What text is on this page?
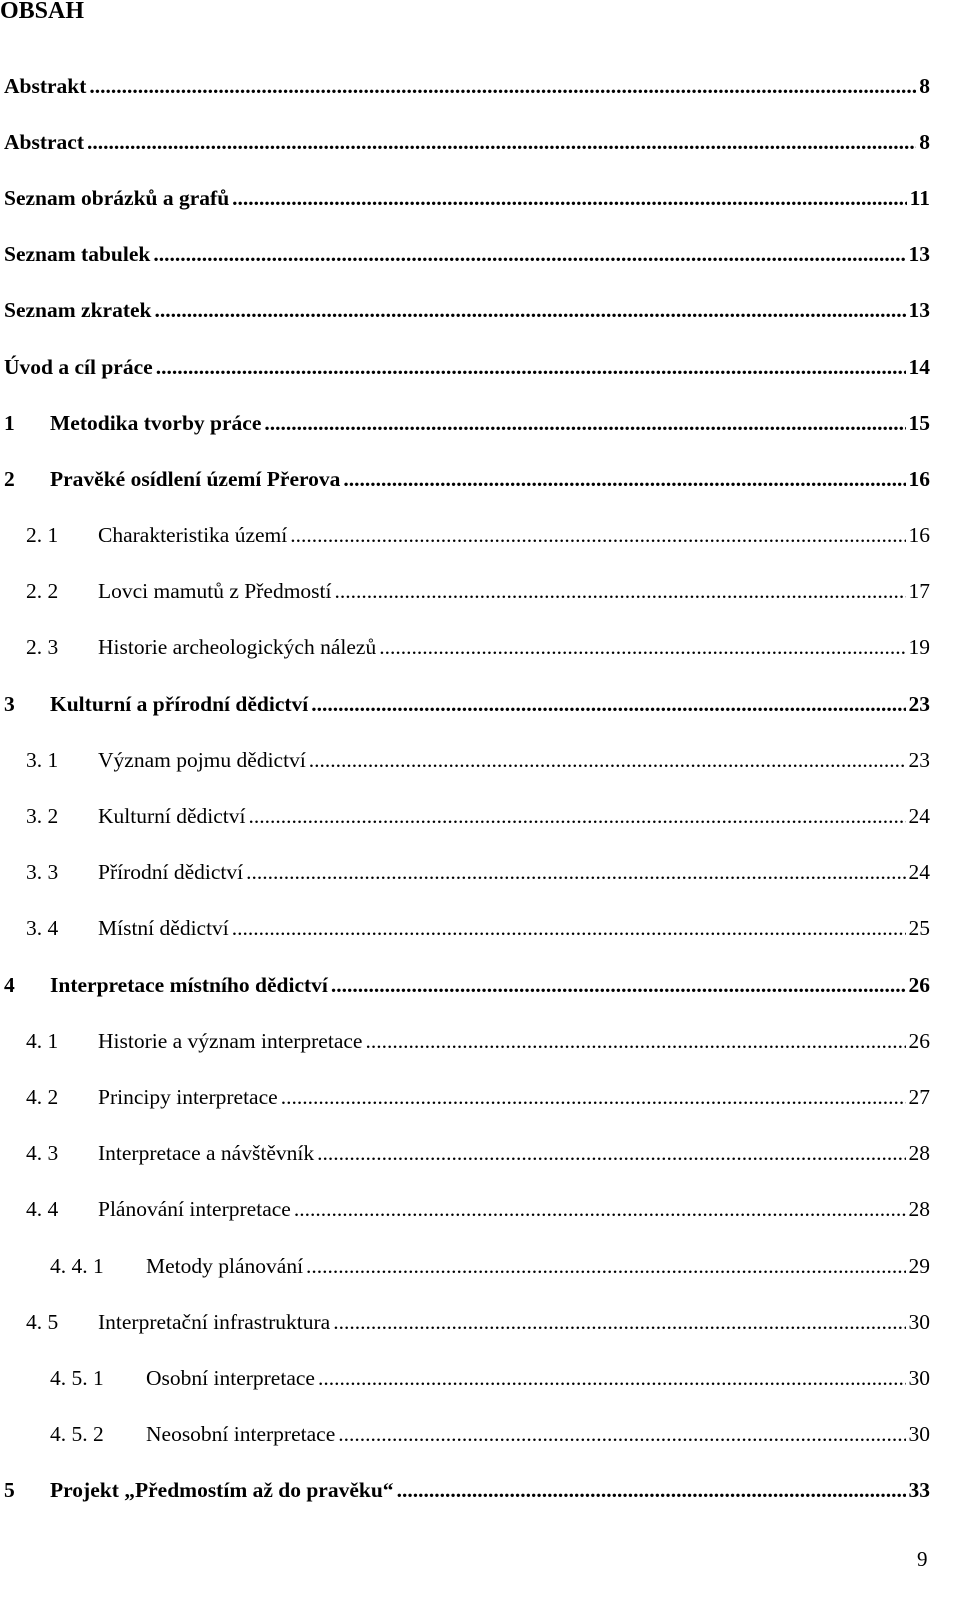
OBSAH
Abstrakt .....	8
Abstract .....	8
Seznam obrázků a grafů .....	11
Seznam tabulek .....	13
Seznam zkratek .....	13
Úvod a cíl práce .....	14
1	Metodika tvorby práce .....	15
2	Pravěké osídlení území Přerova .....	16
2. 1	Charakteristika území .....	16
2. 2	Lovci mamutů z Předmostí .....	17
2. 3	Historie archeologických nálezů .....	19
3	Kulturní a přírodní dědictví .....	23
3. 1	Význam pojmu dědictví .....	23
3. 2	Kulturní dědictví .....	24
3. 3	Přírodní dědictví .....	24
3. 4	Místní dědictví .....	25
4	Interpretace místního dědictví .....	26
4. 1	Historie a význam interpretace .....	26
4. 2	Principy interpretace .....	27
4. 3	Interpretace a návštěvník .....	28
4. 4	Plánování interpretace .....	28
4. 4. 1	Metody plánování .....	29
4. 5	Interpretační infrastruktura .....	30
4. 5. 1	Osobní interpretace .....	30
4. 5. 2	Neosobní interpretace .....	30
5	Projekt „Předmostím až do pravěku“ .....	33
9
